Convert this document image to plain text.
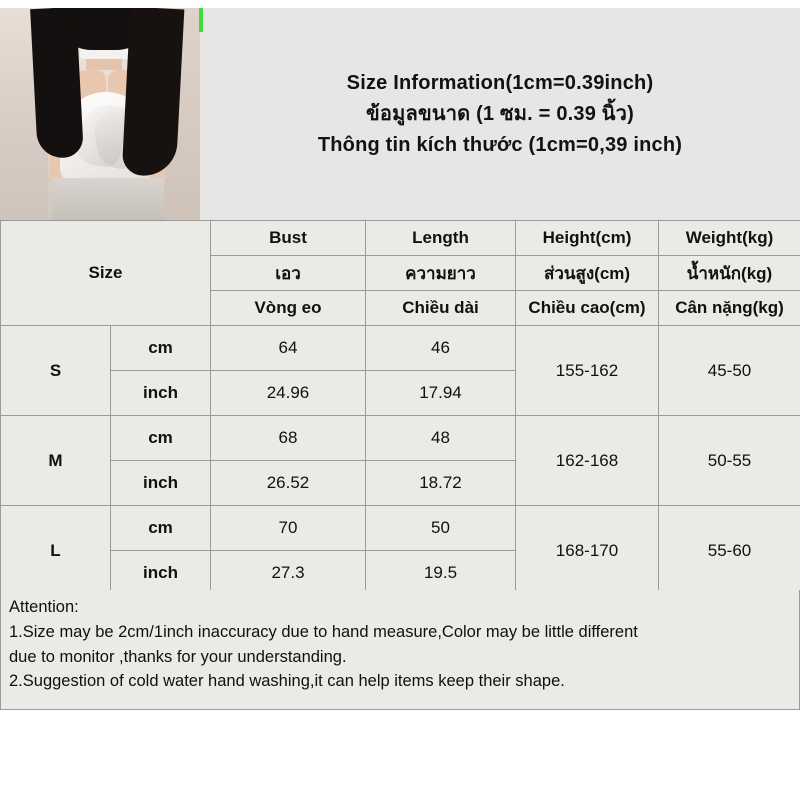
Size Information(1cm=0.39inch)
ข้อมูลขนาด (1 ซม. = 0.39 นิ้ว)
Thông tin kích thước (1cm=0,39 inch)
Size		Bust	Length	Height(cm)	Weight(kg)
		เอว	ความยาว	ส่วนสูง(cm)	น้ำหนัก(kg)
		Vòng eo	Chiều dài	Chiều cao(cm)	Cân nặng(kg)
S	cm	64	46	155-162	45-50
	inch	24.96	17.94		
M	cm	68	48	162-168	50-55
	inch	26.52	18.72		
L	cm	70	50	168-170	55-60
	inch	27.3	19.5		

Attention:

1.Size may be 2cm/1inch inaccuracy due to hand measure,Color may be little different

due to monitor ,thanks for your understanding.

2.Suggestion of cold water hand washing,it can help items keep their shape.
